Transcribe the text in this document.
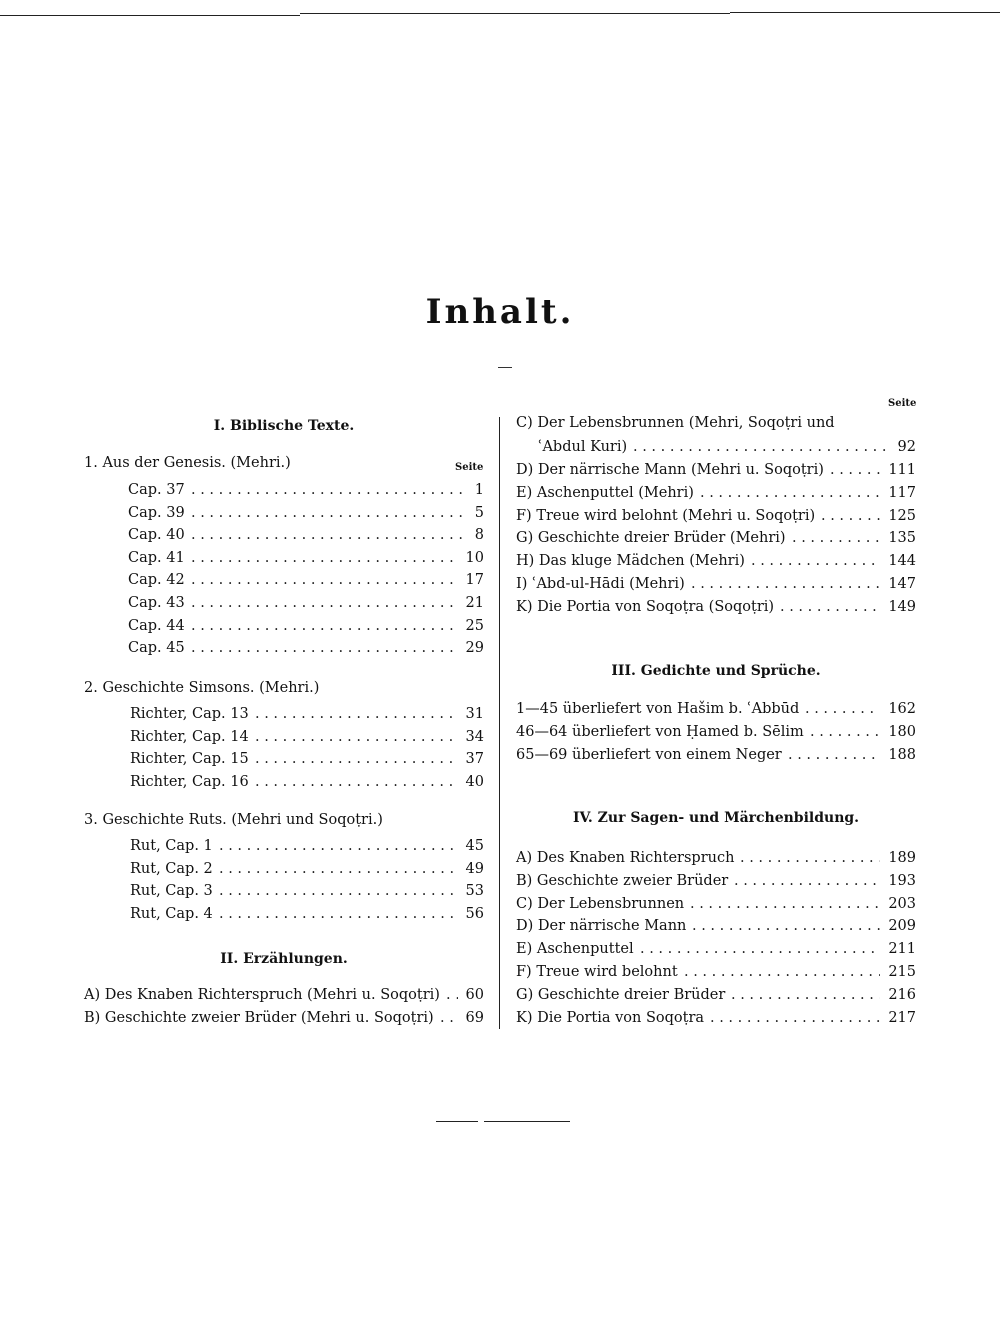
Inhalt.
I. Biblische Texte.
1. Aus der Genesis. (Mehri.)	Seite
Cap. 37 . . .	1
Cap. 39 . . .	5
Cap. 40 . . .	8
Cap. 41 . . .	10
Cap. 42 . . .	17
Cap. 43 . . .	21
Cap. 44 . . .	25
Cap. 45 . . .	29
2. Geschichte Simsons. (Mehri.)
Richter, Cap. 13 . . .	31
Richter, Cap. 14 . . .	34
Richter, Cap. 15 . . .	37
Richter, Cap. 16 . . .	40
3. Geschichte Ruts. (Mehri und Soqoṭri.)
Rut, Cap. 1 . . .	45
Rut, Cap. 2 . . .	49
Rut, Cap. 3 . . .	53
Rut, Cap. 4 . . .	56
II. Erzählungen.
A) Des Knaben Richterspruch (Mehri u. Soqoṭri) . . . 60
B) Geschichte zweier Brüder (Mehri u. Soqoṭri) . . . 69
Seite
C) Der Lebensbrunnen (Mehri, Soqoṭri und
ʿAbdul Kuri) . . .	92
D) Der närrische Mann (Mehri u. Soqoṭri) . . .	111
E) Aschenputtel (Mehri) . . .	117
F) Treue wird belohnt (Mehri u. Soqoṭri) . . .	125
G) Geschichte dreier Brüder (Mehri) . . .	135
H) Das kluge Mädchen (Mehri) . . .	144
I) ʿAbd-ul-Hādi (Mehri) . . .	147
K) Die Portia von Soqoṭra (Soqoṭri) . . .	149
III. Gedichte und Sprüche.
1—45 überliefert von Hašim b. ʿAbbūd . . .	162
46—64 überliefert von Ḥamed b. Sēlim . . .	180
65—69 überliefert von einem Neger . . .	188
IV. Zur Sagen- und Märchenbildung.
A) Des Knaben Richterspruch . . .	189
B) Geschichte zweier Brüder . . .	193
C) Der Lebensbrunnen . . .	203
D) Der närrische Mann . . .	209
E) Aschenputtel . . .	211
F) Treue wird belohnt . . .	215
G) Geschichte dreier Brüder . . .	216
K) Die Portia von Soqoṭra . . .	217
